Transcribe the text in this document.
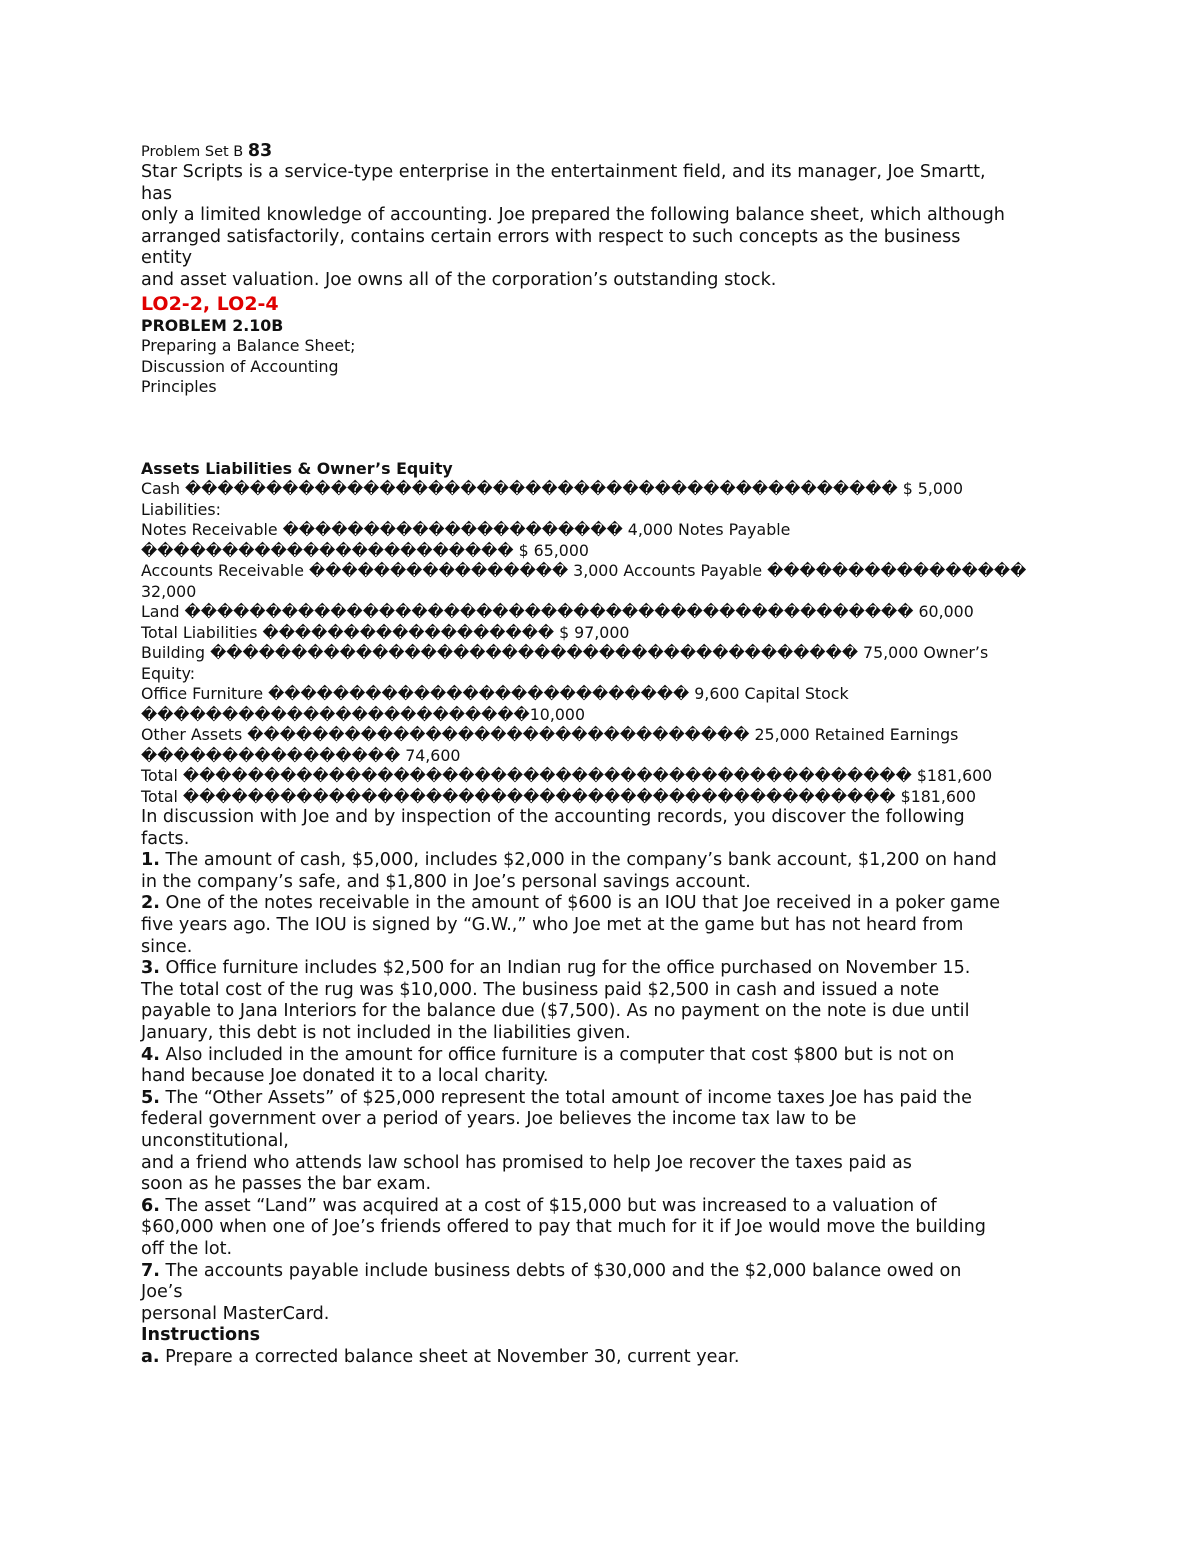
Problem Set B 83
Star Scripts is a service-type enterprise in the entertainment field, and its manager, Joe Smartt,
has
only a limited knowledge of accounting. Joe prepared the following balance sheet, which although
arranged satisfactorily, contains certain errors with respect to such concepts as the business
entity
and asset valuation. Joe owns all of the corporation’s outstanding stock.
LO2-2, LO2-4
PROBLEM 2.10B
Preparing a Balance Sheet;
Discussion of Accounting
Principles
Assets Liabilities & Owner’s Equity
Cash �������������������������������������������� $ 5,000
Liabilities:
Notes Receivable ��������������������� 4,000 Notes Payable
����������������������� $ 65,000
Accounts Receivable ���������������� 3,000 Accounts Payable ����������������
32,000
Land ��������������������������������������������� 60,000
Total Liabilities ������������������ $ 97,000
Building ���������������������������������������� 75,000 Owner’s
Equity:
Office Furniture �������������������������� 9,600 Capital Stock
������������������������10,000
Other Assets ������������������������������� 25,000 Retained Earnings
���������������� 74,600
Total ��������������������������������������������� $181,600
Total �������������������������������������������� $181,600
In discussion with Joe and by inspection of the accounting records, you discover the following
facts.
1. The amount of cash, $5,000, includes $2,000 in the company’s bank account, $1,200 on hand
in the company’s safe, and $1,800 in Joe’s personal savings account.
2. One of the notes receivable in the amount of $600 is an IOU that Joe received in a poker game
five years ago. The IOU is signed by “G.W.,” who Joe met at the game but has not heard from
since.
3. Office furniture includes $2,500 for an Indian rug for the office purchased on November 15.
The total cost of the rug was $10,000. The business paid $2,500 in cash and issued a note
payable to Jana Interiors for the balance due ($7,500). As no payment on the note is due until
January, this debt is not included in the liabilities given.
4. Also included in the amount for office furniture is a computer that cost $800 but is not on
hand because Joe donated it to a local charity.
5. The “Other Assets” of $25,000 represent the total amount of income taxes Joe has paid the
federal government over a period of years. Joe believes the income tax law to be
unconstitutional,
and a friend who attends law school has promised to help Joe recover the taxes paid as
soon as he passes the bar exam.
6. The asset “Land” was acquired at a cost of $15,000 but was increased to a valuation of
$60,000 when one of Joe’s friends offered to pay that much for it if Joe would move the building
off the lot.
7. The accounts payable include business debts of $30,000 and the $2,000 balance owed on
Joe’s
personal MasterCard.
Instructions
a. Prepare a corrected balance sheet at November 30, current year.
